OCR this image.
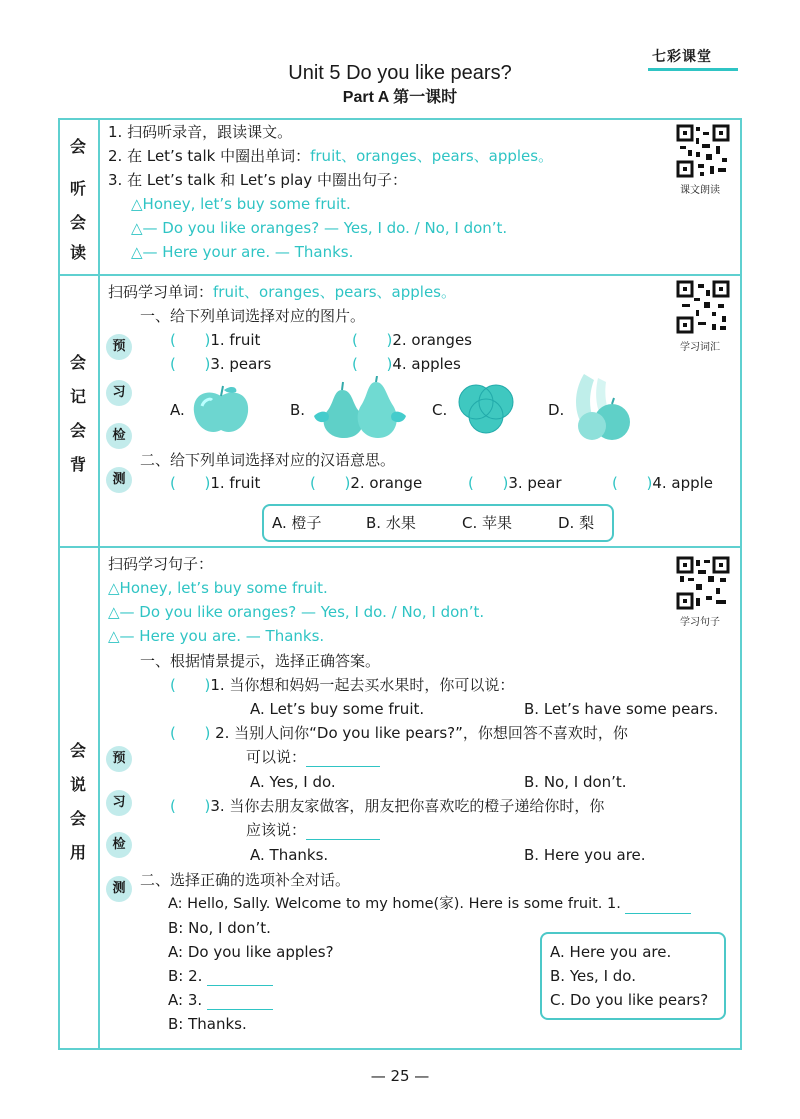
七彩课堂
Unit 5 Do you like pears?
Part A 第一课时
会
听
会
读
1. 扫码听录音，跟读课文。
2. 在 Let’s talk 中圈出单词：fruit、oranges、pears、apples。
3. 在 Let’s talk 和 Let’s play 中圈出句子：
△Honey, let’s buy some fruit.
△— Do you like oranges? — Yes, I do. / No, I don’t.
△— Here your are. — Thanks.
课文朗读
会
记
会
背
预
习
检
测
扫码学习单词：fruit、oranges、pears、apples。
一、给下列单词选择对应的图片。
(      )1. fruit	(      )2. oranges
(      )3. pears	(      )4. apples
A.	B.	C.	D.
二、给下列单词选择对应的汉语意思。
(      )1. fruit	(      )2. orange	(      )3. pear	(      )4. apple
A. 橙子	B. 水果	C. 苹果	D. 梨
学习词汇
会
说
会
用
预
习
检
测
扫码学习句子：
△Honey, let’s buy some fruit.
△— Do you like oranges? — Yes, I do. / No, I don’t.
△— Here you are. — Thanks.
一、根据情景提示，选择正确答案。
(      )1. 当你想和妈妈一起去买水果时，你可以说：
A. Let’s buy some fruit.	B. Let’s have some pears.
(      ) 2. 当别人问你“Do you like pears?”，你想回答不喜欢时，你
可以说：
A. Yes, I do.	B. No, I don’t.
(      )3. 当你去朋友家做客，朋友把你喜欢吃的橙子递给你时，你
应该说：
A. Thanks.	B. Here you are.
二、选择正确的选项补全对话。
A: Hello, Sally. Welcome to my home(家). Here is some fruit. 1.
B: No, I don’t.
A: Do you like apples?
B: 2.
A: 3.
B: Thanks.
A. Here you are.
B. Yes, I do.
C. Do you like pears?
学习句子
— 25 —
